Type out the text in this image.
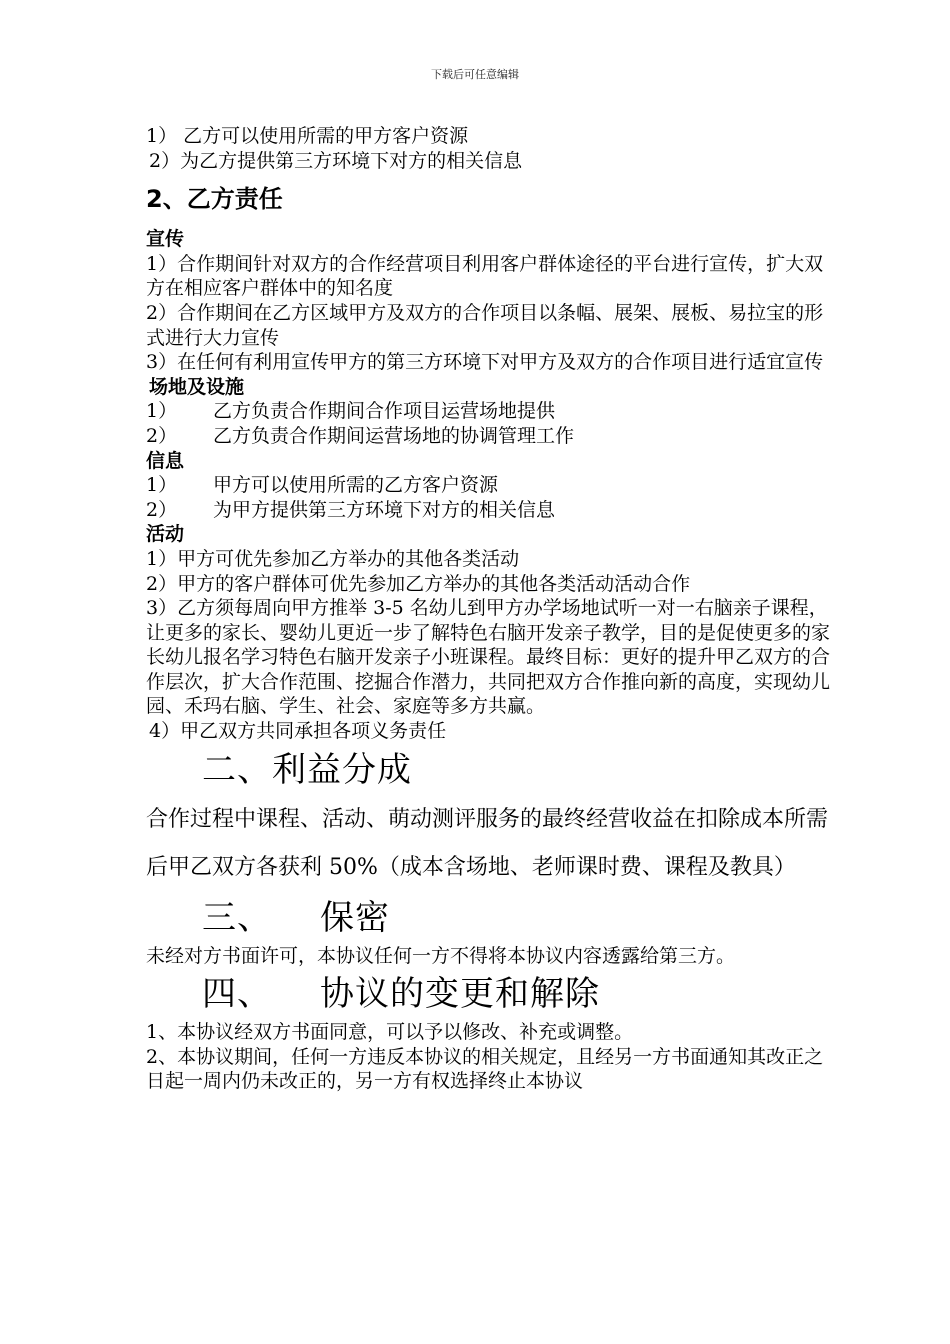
下载后可任意编辑

1） 乙方可以使用所需的甲方客户资源

2）为乙方提供第三方环境下对方的相关信息

2、乙方责任
宣传

1）合作期间针对双方的合作经营项目利用客户群体途径的平台进行宣传，扩大双方在相应客户群体中的知名度

2）合作期间在乙方区域甲方及双方的合作项目以条幅、展架、展板、易拉宝的形式进行大力宣传

3）在任何有利用宣传甲方的第三方环境下对甲方及双方的合作项目进行适宜宣传

场地及设施

1） 乙方负责合作期间合作项目运营场地提供

2） 乙方负责合作期间运营场地的协调管理工作

信息

1） 甲方可以使用所需的乙方客户资源

2） 为甲方提供第三方环境下对方的相关信息

活动

1）甲方可优先参加乙方举办的其他各类活动

2）甲方的客户群体可优先参加乙方举办的其他各类活动活动合作

3）乙方须每周向甲方推举 3-5 名幼儿到甲方办学场地试听一对一右脑亲子课程，让更多的家长、婴幼儿更近一步了解特色右脑开发亲子教学，目的是促使更多的家长幼儿报名学习特色右脑开发亲子小班课程。最终目标：更好的提升甲乙双方的合作层次，扩大合作范围、挖掘合作潜力，共同把双方合作推向新的高度，实现幼儿园、禾玛右脑、学生、社会、家庭等多方共赢。

4）甲乙双方共同承担各项义务责任

二、利益分成

合作过程中课程、活动、萌动测评服务的最终经营收益在扣除成本所需后甲乙双方各获利 50%（成本含场地、老师课时费、课程及教具）

三、 保密

未经对方书面许可，本协议任何一方不得将本协议内容透露给第三方。

四、 协议的变更和解除

1、本协议经双方书面同意，可以予以修改、补充或调整。

2、本协议期间，任何一方违反本协议的相关规定，且经另一方书面通知其改正之日起一周内仍未改正的，另一方有权选择终止本协议
